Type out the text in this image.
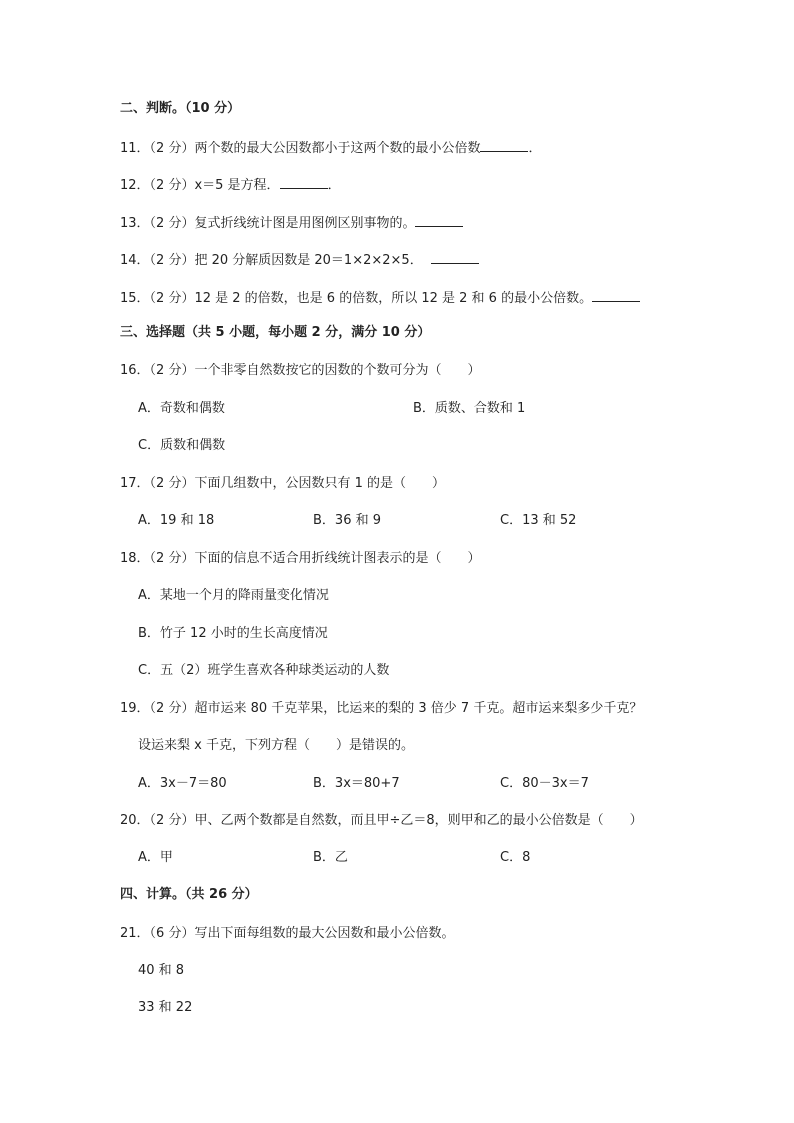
二、判断。（10 分）
11．（2 分）两个数的最大公因数都小于这两个数的最小公倍数	．
12．（2 分）x＝5 是方程．	．
13．（2 分）复式折线统计图是用图例区别事物的。
14．（2 分）把 20 分解质因数是 20＝1×2×2×5．
15．（2 分）12 是 2 的倍数，也是 6 的倍数，所以 12 是 2 和 6 的最小公倍数。
三、选择题（共 5 小题，每小题 2 分，满分 10 分）
16．（2 分）一个非零自然数按它的因数的个数可分为（　　）
A．奇数和偶数	B．质数、合数和 1
C．质数和偶数
17．（2 分）下面几组数中，公因数只有 1 的是（　　）
A．19 和 18	B．36 和 9	C．13 和 52
18．（2 分）下面的信息不适合用折线统计图表示的是（　　）
A．某地一个月的降雨量变化情况
B．竹子 12 小时的生长高度情况
C．五（2）班学生喜欢各种球类运动的人数
19．（2 分）超市运来 80 千克苹果，比运来的梨的 3 倍少 7 千克。超市运来梨多少千克？
设运来梨 x 千克，下列方程（　　）是错误的。
A．3x－7＝80	B．3x＝80+7	C．80－3x＝7
20．（2 分）甲、乙两个数都是自然数，而且甲÷乙＝8，则甲和乙的最小公倍数是（　　）
A．甲	B．乙	C．8
四、计算。（共 26 分）
21．（6 分）写出下面每组数的最大公因数和最小公倍数。
40 和 8
33 和 22
